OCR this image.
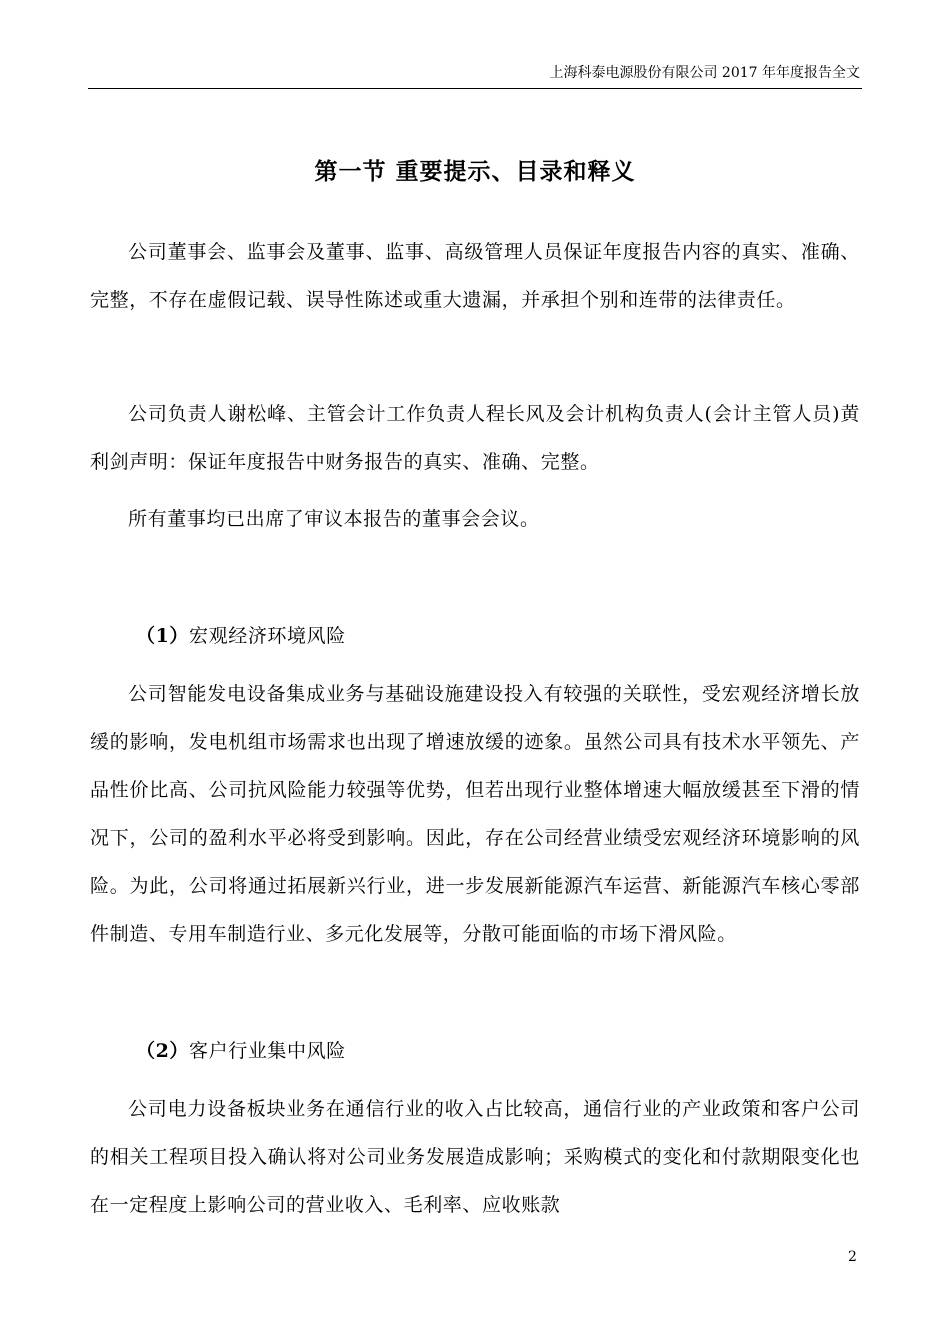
上海科泰电源股份有限公司 2017 年年度报告全文
第一节 重要提示、目录和释义

公司董事会、监事会及董事、监事、高级管理人员保证年度报告内容的真实、准确、完整，不存在虚假记载、误导性陈述或重大遗漏，并承担个别和连带的法律责任。

公司负责人谢松峰、主管会计工作负责人程长风及会计机构负责人(会计主管人员)黄利剑声明：保证年度报告中财务报告的真实、准确、完整。

所有董事均已出席了审议本报告的董事会会议。

（1）宏观经济环境风险

公司智能发电设备集成业务与基础设施建设投入有较强的关联性，受宏观经济增长放缓的影响，发电机组市场需求也出现了增速放缓的迹象。虽然公司具有技术水平领先、产品性价比高、公司抗风险能力较强等优势，但若出现行业整体增速大幅放缓甚至下滑的情况下，公司的盈利水平必将受到影响。因此，存在公司经营业绩受宏观经济环境影响的风险。为此，公司将通过拓展新兴行业，进一步发展新能源汽车运营、新能源汽车核心零部件制造、专用车制造行业、多元化发展等，分散可能面临的市场下滑风险。

（2）客户行业集中风险

公司电力设备板块业务在通信行业的收入占比较高，通信行业的产业政策和客户公司的相关工程项目投入确认将对公司业务发展造成影响；采购模式的变化和付款期限变化也在一定程度上影响公司的营业收入、毛利率、应收账款

2
